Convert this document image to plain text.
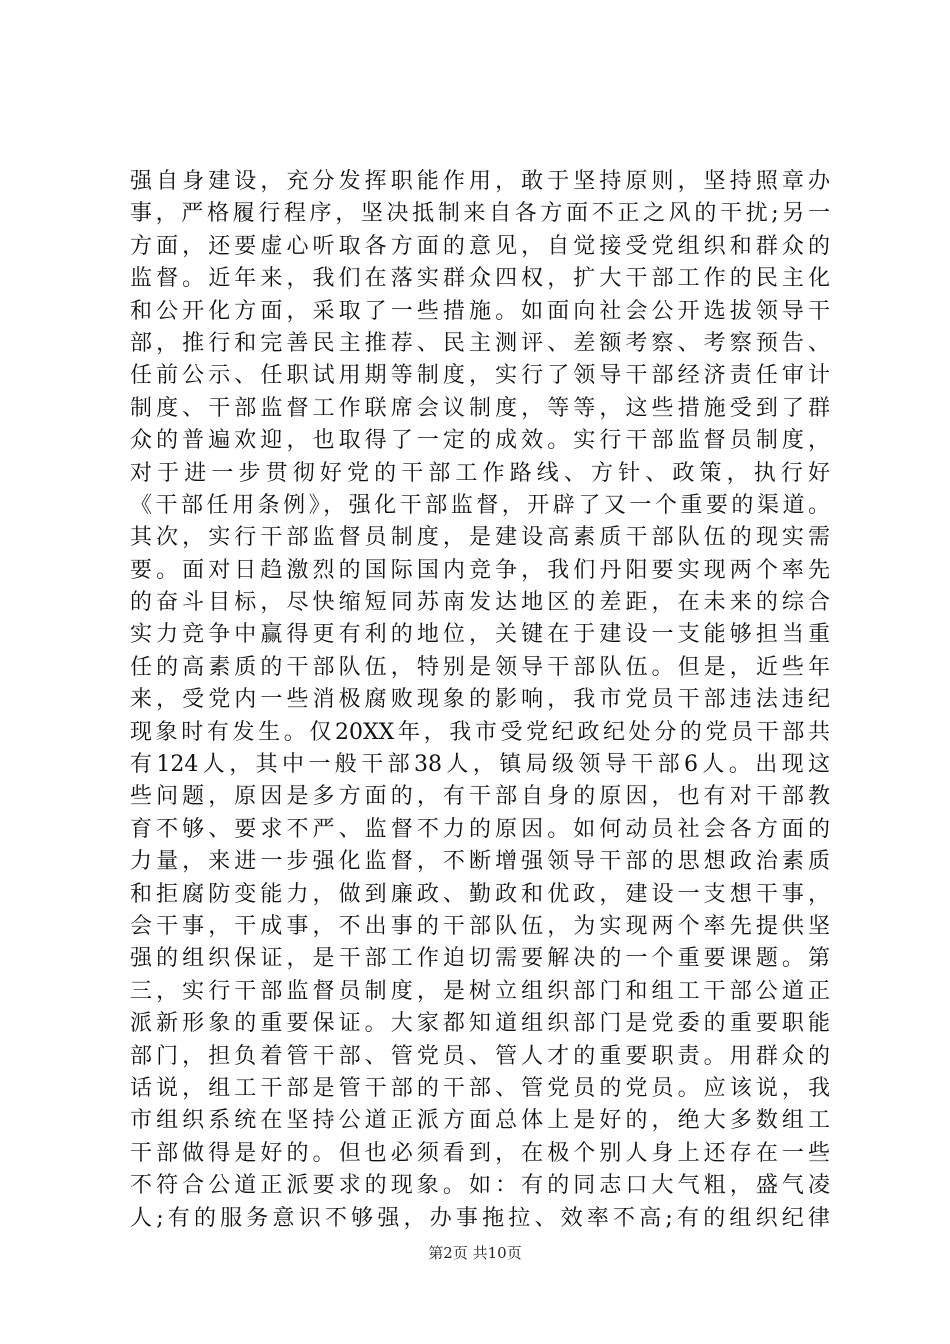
强自身建设，充分发挥职能作用，敢于坚持原则，坚持照章办
事，严格履行程序，坚决抵制来自各方面不正之风的干扰;另一
方面，还要虚心听取各方面的意见，自觉接受党组织和群众的
监督。近年来，我们在落实群众四权，扩大干部工作的民主化
和公开化方面，采取了一些措施。如面向社会公开选拔领导干
部，推行和完善民主推荐、民主测评、差额考察、考察预告、
任前公示、任职试用期等制度，实行了领导干部经济责任审计
制度、干部监督工作联席会议制度，等等，这些措施受到了群
众的普遍欢迎，也取得了一定的成效。实行干部监督员制度，
对于进一步贯彻好党的干部工作路线、方针、政策，执行好
《干部任用条例》，强化干部监督，开辟了又一个重要的渠道。
其次，实行干部监督员制度，是建设高素质干部队伍的现实需
要。面对日趋激烈的国际国内竞争，我们丹阳要实现两个率先
的奋斗目标，尽快缩短同苏南发达地区的差距，在未来的综合
实力竞争中赢得更有利的地位，关键在于建设一支能够担当重
任的高素质的干部队伍，特别是领导干部队伍。但是，近些年
来，受党内一些消极腐败现象的影响，我市党员干部违法违纪
现象时有发生。仅20XX年，我市受党纪政纪处分的党员干部共
有124人，其中一般干部38人，镇局级领导干部6人。出现这
些问题，原因是多方面的，有干部自身的原因，也有对干部教
育不够、要求不严、监督不力的原因。如何动员社会各方面的
力量，来进一步强化监督，不断增强领导干部的思想政治素质
和拒腐防变能力，做到廉政、勤政和优政，建设一支想干事，
会干事，干成事，不出事的干部队伍，为实现两个率先提供坚
强的组织保证，是干部工作迫切需要解决的一个重要课题。第
三，实行干部监督员制度，是树立组织部门和组工干部公道正
派新形象的重要保证。大家都知道组织部门是党委的重要职能
部门，担负着管干部、管党员、管人才的重要职责。用群众的
话说，组工干部是管干部的干部、管党员的党员。应该说，我
市组织系统在坚持公道正派方面总体上是好的，绝大多数组工
干部做得是好的。但也必须看到，在极个别人身上还存在一些
不符合公道正派要求的现象。如：有的同志口大气粗，盛气凌
人;有的服务意识不够强，办事拖拉、效率不高;有的组织纪律
第2页 共10页
